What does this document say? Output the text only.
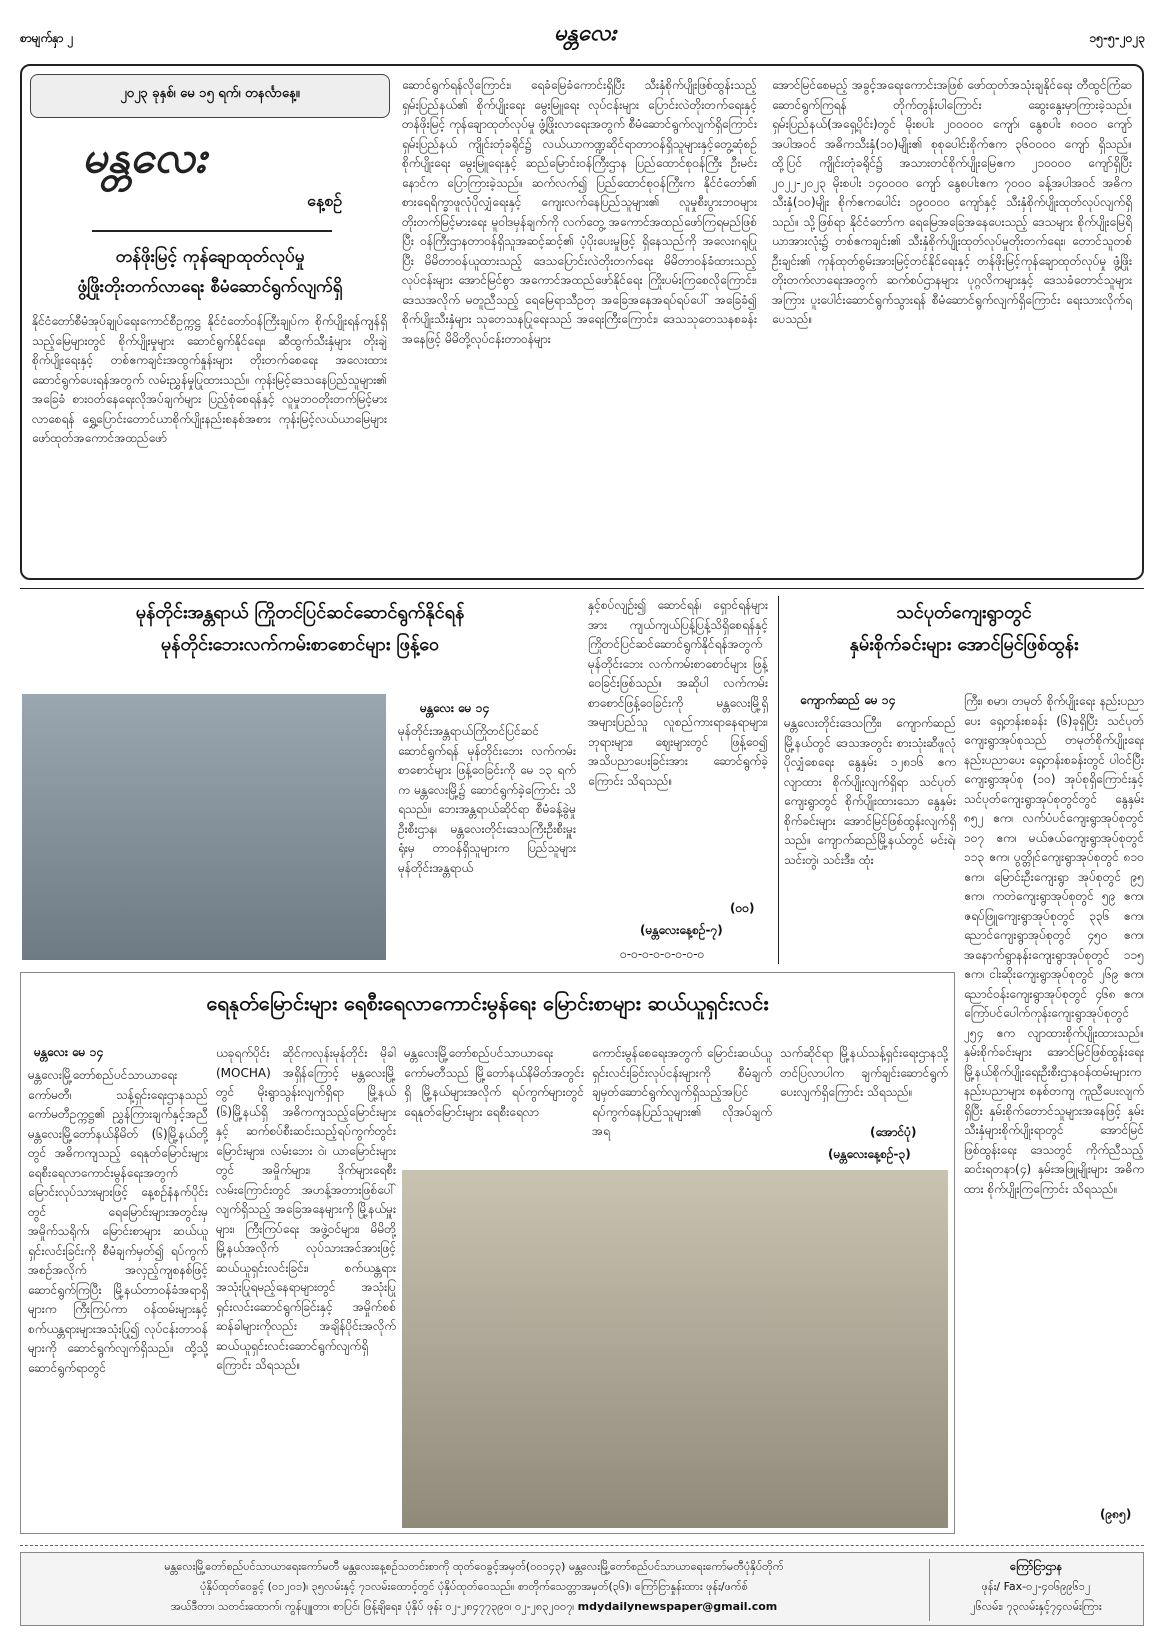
စာမျက်နှာ ၂	မန္တလေး	၁၅-၅-၂၀၂၃
၂၀၂၃ ခုနှစ်၊ မေ ၁၅ ရက်၊ တနင်္လာနေ့။
မန္တလေး
နေ့စဉ်
တန်ဖိုးမြင့် ကုန်ချောထုတ်လုပ်မှု
ဖွံ့ဖြိုးတိုးတက်လာရေး စီမံဆောင်ရွက်လျက်ရှိ
နိုင်ငံတော်စီမံအုပ်ချုပ်ရေးကောင်စီဥက္ကဋ္ဌ နိုင်ငံတော်ဝန်ကြီးချုပ်က စိုက်ပျိုးရန်ကျန်ရှိသည့်မြေများတွင် စိုက်ပျိုးမှုများ ဆောင်ရွက်နိုင်ရေး၊ ဆီထွက်သီးနှံများ တိုးချဲ့စိုက်ပျိုးရေးနှင့် တစ်ဧကချင်းအထွက်နှုန်းများ တိုးတက်စေရေး အလေးထားဆောင်ရွက်ပေးရန်အတွက် လမ်းညွှန်မှုပြုထားသည်။ ကုန်းမြင့်ဒေသနေပြည်သူများ၏ အခြေခံ စားဝတ်နေရေးလိုအပ်ချက်များ ပြည့်စုံစေရန်နှင့် လူမှုဘဝတိုးတက်မြင့်မားလာစေရန် ရွှေ့ပြောင်းတောင်ယာစိုက်ပျိုးနည်းစနစ်အစား ကုန်းမြင့်လယ်ယာမြေများ ဖော်ထုတ်အကောင်အထည်ဖော်
ဆောင်ရွက်ရန်လိုကြောင်း၊ ရေခံမြေခံကောင်းရှိပြီး သီးနှံစိုက်ပျိုးဖြစ်ထွန်းသည့် ရှမ်းပြည်နယ်၏ စိုက်ပျိုးရေး မွေးမြူရေး လုပ်ငန်းများ ပြောင်းလဲတိုးတက်ရေးနှင့် တန်ဖိုးမြင့် ကုန်ချောထုတ်လုပ်မှု ဖွံ့ဖြိုးလာရေးအတွက် စီမံဆောင်ရွက်လျက်ရှိကြောင်း ရှမ်းပြည်နယ် ကျိုင်းတုံခရိုင်၌ လယ်ယာကဏ္ဍဆိုင်ရာတာဝန်ရှိသူများနှင့်တွေ့ဆုံစဉ် စိုက်ပျိုးရေး မွေးမြူရေးနှင့် ဆည်မြောင်းဝန်ကြီးဌာန ပြည်ထောင်စုဝန်ကြီး ဦးမင်းနောင်က ပြောကြားခဲ့သည်။ ဆက်လက်၍ ပြည်ထောင်စုဝန်ကြီးက နိုင်ငံတော်၏ စားရေရိက္ခာဖူလုံပိုလျှံရေးနှင့် ကျေးလက်နေပြည်သူများ၏ လူမှုစီးပွားဘဝများ တိုးတက်မြင့်မားရေး မူဝါဒမှန်ချက်ကို လက်တွေ့ အကောင်အထည်ဖော်ကြရမည်ဖြစ်ပြီး ဝန်ကြီးဌာနတာဝန်ရှိသူအဆင့်ဆင့်၏ ပံ့ပိုးပေးမှုဖြင့် ရှိနေသည်ကို အလေးဂရုပြုပြီး မိမိတာဝန်ယူထားသည့် ဒေသပြောင်းလဲတိုးတက်ရေး မိမိတာဝန်ခံထားသည့်လုပ်ငန်းများ အောင်မြင်စွာ အကောင်အထည်ဖော်နိုင်ရေး ကြိုးပမ်းကြစေလိုကြောင်း၊ ဒေသအလိုက် မတူညီသည့် ရေမြေရာသီဥတု အခြေအနေအရပ်ရပ်ပေါ် အခြေခံ၍ စိုက်ပျိုးသီးနှံများ သုတေသနပြုရေးသည် အရေးကြီးကြောင်း၊ ဒေသသုတေသနစခန်းအနေဖြင့် မိမိတို့လုပ်ငန်းတာဝန်များ
အောင်မြင်စေမည့် အခွင့်အရေးကောင်းအဖြစ် ဖော်ထုတ်အသုံးချနိုင်ရေး တီထွင်ကြံဆဆောင်ရွက်ကြရန် တိုက်တွန်းပါကြောင်း ဆွေးနွေးမှာကြားခဲ့သည်။ ရှမ်းပြည်နယ်(အရှေ့ပိုင်း)တွင် မိုးစပါး ၂၀၀၀၀၀ ကျော်၊ နွေစပါး ၈၀၀၀ ကျော်အပါအဝင် အဓိကသီးနှံ(၁၀)မျိုး၏ စုစုပေါင်းစိုက်ဧက ၃၆၀၀၀၀ ကျော် ရှိသည်။ ထို့ပြင် ကျိုင်းတုံခရိုင်၌ အသားတင်စိုက်ပျိုးမြေဧက ၂၁၀၀၀၀ ကျော်ရှိပြီး ၂၀၂၂-၂၀၂၃ မိုးစပါး ၁၄၀၀၀၀ ကျော် နွေစပါးဧက ၇၀၀၀ ခန့်အပါအဝင် အဓိကသီးနှံ(၁၀)မျိုး စိုက်ဧကပေါင်း ၁၉၀၀၀၀ ကျော်နှင့် သီးနှံစိုက်ပျိုးထုတ်လုပ်လျက်ရှိသည်။ သို့ဖြစ်ရာ နိုင်ငံတော်က ရေမြေအခြေအနေပေးသည့် ဒေသများ စိုက်ပျိုးမြေရိယာအားလုံး၌ တစ်ဧကချင်း၏ သီးနှံစိုက်ပျိုးထုတ်လုပ်မှုတိုးတက်ရေး၊ တောင်သူတစ်ဦးချင်း၏ ကုန်ထုတ်စွမ်းအားမြင့်တင်နိုင်ရေးနှင့် တန်ဖိုးမြင့်ကုန်ချောထုတ်လုပ်မှု ဖွံ့ဖြိုးတိုးတက်လာရေးအတွက် ဆက်စပ်ဌာနများ ပုဂ္ဂလိကများနှင့် ဒေသခံတောင်သူများအကြား ပူးပေါင်းဆောင်ရွက်သွားရန် စီမံဆောင်ရွက်လျက်ရှိကြောင်း ရေးသားလိုက်ရပေသည်။
မုန်တိုင်းအန္တရာယ် ကြိုတင်ပြင်ဆင်ဆောင်ရွက်နိုင်ရန်
မုန်တိုင်းဘေးလက်ကမ်းစာစောင်များ ဖြန့်ဝေ
မန္တလေး မေ ၁၄
မုန်တိုင်းအန္တရာယ်ကြိုတင်ပြင်ဆင်ဆောင်ရွက်ရန် မုန်တိုင်းဘေး လက်ကမ်းစာစောင်များ ဖြန့်ဝေခြင်းကို မေ ၁၃ ရက်က မန္တလေးမြို့၌ ဆောင်ရွက်ခဲ့ကြောင်း သိရသည်။ ဘေးအန္တရာယ်ဆိုင်ရာ စီမံခန့်ခွဲမှုဦးစီးဌာန၊ မန္တလေးတိုင်းဒေသကြီးဦးစီးမှူးရုံးမှ တာဝန်ရှိသူများက ပြည်သူများ မုန်တိုင်းအန္တရာယ်
နှင့်စပ်လျဉ်း၍ ဆောင်ရန်၊ ရှောင်ရန်များအား ကျယ်ကျယ်ပြန့်ပြန့်သိရှိစေရန်နှင့် ကြိုတင်ပြင်ဆင်ဆောင်ရွက်နိုင်ရန်အတွက် မုန်တိုင်းဘေး လက်ကမ်းစာစောင်များ ဖြန့်ဝေခြင်းဖြစ်သည်။ အဆိုပါ လက်ကမ်းစာစောင်ဖြန့်ဝေခြင်းကို မန္တလေးမြို့ရှိ အများပြည်သူ လူစည်ကားရာနေရာများ၊ ဘုရားများ၊ ဈေးများတွင် ဖြန့်ဝေ၍ အသိပညာပေးခြင်းအား ဆောင်ရွက်ခဲ့ကြောင်း သိရသည်။
(ဝဝ)
(မန္တလေးနေ့စဉ်-၇)
၀-၀-၀-၀-၀-၀-၀-၀
သင်ပုတ်ကျေးရွာတွင်
နှမ်းစိုက်ခင်းများ အောင်မြင်ဖြစ်ထွန်း
ကျောက်ဆည် မေ ၁၄
မန္တလေးတိုင်းဒေသကြီး၊ ကျောက်ဆည်မြို့နယ်တွင် ဒေသအတွင်း စားသုံးဆီဖူလုံပိုလျှံစေရေး နွေနှမ်း ၁၂၈၁၆ ဧက လျာထား စိုက်ပျိုးလျက်ရှိရာ သင်ပုတ်ကျေးရွာတွင် စိုက်ပျိုးထားသော နွေနှမ်းစိုက်ခင်းများ အောင်မြင်ဖြစ်ထွန်းလျက်ရှိသည်။ ကျောက်ဆည်မြို့နယ်တွင် မင်းရဲ၊ သင်းတွဲ၊ သင်းဒီး၊ ထုံး
ကြီး၊ စမာ၊ တမုတ် စိုက်ပျိုးရေး နည်းပညာပေး ရှေ့တန်းစခန်း (၆)ခုရှိပြီး သင်ပုတ်ကျေးရွာအုပ်စုသည် တမုတ်စိုက်ပျိုးရေး နည်းပညာပေး ရှေ့တန်းစခန်းတွင် ပါဝင်ပြီး ကျေးရွာအုပ်စု (၁၀) အုပ်စုရှိကြောင်းနှင့် သင်ပုတ်ကျေးရွာအုပ်စုတွင်တွင် နွေနှမ်း ၈၅၂ ဧက၊ လက်ပံပင်ကျေးရွာအုပ်စုတွင် ၁၀၇ ဧက၊ မယ်ဇယ်ကျေးရွာအုပ်စုတွင် ၁၁၃ ဧက၊ ပွတ္တိုင်ကျေးရွာအုပ်စုတွင် ၈၁၀ ဧက၊ မြောင်းဦးကျေးရွာ အုပ်စုတွင် ၉၅ ဧက၊ ကတဲကျေးရွာအုပ်စုတွင် ၅၉ ဧက၊ ဇရပ်ဖြူကျေးရွာအုပ်စုတွင် ၃၃၆ ဧက၊ ညောင်ကျေးရွာအုပ်စုတွင် ၄၅၀ ဧက၊ အနောက်ရွာနန်းကျေးရွာအုပ်စုတွင် ၁၁၅ ဧက၊ ငါးဆိုးကျေးရွာအုပ်စုတွင် ၂၆၉ ဧက၊ ညောင်ဝန်းကျေးရွာအုပ်စုတွင် ၄၆၈ ဧက၊ ကြော်ပင်ပေါက်ကုန်းကျေးရွာအုပ်စုတွင် ၂၅၄ ဧက လျာထားစိုက်ပျိုးထားသည်။ နှမ်းစိုက်ခင်းများ အောင်မြင်ဖြစ်ထွန်းရေး မြို့နယ်စိုက်ပျိုးရေးဦးစီးဌာနဝန်ထမ်းများက နည်းပညာများ စနစ်တကျ ကူညီပေးလျက်ရှိပြီး နှမ်းစိုက်တောင်သူများအနေဖြင့် နှမ်းသီးနှံများစိုက်ပျိုးရာတွင် အောင်မြင်ဖြစ်ထွန်းရေး ဒေသတွင် ကိုက်ညီသည့် ဆင်းရတနာ(၄) နှမ်းအဖြူမျိုးများ အဓိကထား စိုက်ပျိုးကြကြောင်း သိရသည်။
(၉၈၅)
ရေနုတ်မြောင်းများ ရေစီးရေလာကောင်းမွန်ရေး မြောင်းစာများ ဆယ်ယူရှင်းလင်း
မန္တလေး မေ ၁၄
မန္တလေးမြို့တော်စည်ပင်သာယာရေးကော်မတီ၊ သန့်ရှင်းရေးဌာနသည် ကော်မတီဥက္ကဋ္ဌ၏ ညွှန်ကြားချက်နှင့်အညီ မန္တလေးမြို့တော်နယ်နိမိတ် (၆)မြို့နယ်တို့တွင် အဓိကကျသည့် ရေနုတ်မြောင်းများ ရေစီးရေလာကောင်းမွန်ရေးအတွက် မြောင်းလုပ်သားများဖြင့် နေ့စဉ်နံနက်ပိုင်းတွင် ရေမြောင်းများအတွင်းမှ အမှိုက်သရိုက်၊ မြောင်းစာများ ဆယ်ယူရှင်းလင်းခြင်းကို စီမံချက်မှတ်၍ ရပ်ကွက်အစဉ်အလိုက် အလှည့်ကျစနစ်ဖြင့် ဆောင်ရွက်ကြပြီး မြို့နယ်တာဝန်ခံအရာရှိများက ကြီးကြပ်ကာ ဝန်ထမ်းများနှင့် စက်ယန္တရားများအသုံးပြု၍ လုပ်ငန်းတာဝန်များကို ဆောင်ရွက်လျက်ရှိသည်။ ထို့သို့ ဆောင်ရွက်ရာတွင်
ယခုရက်ပိုင်း ဆိုင်ကလုန်းမုန်တိုင်း မိုခါ (MOCHA) အရှိန်ကြောင့် မန္တလေးမြို့တွင် မိုးရွာသွန်းလျက်ရှိရာ မြို့နယ် (၆)မြို့နယ်ရှိ အဓိကကျသည့်မြောင်းများနှင့် ဆက်စပ်စီးဆင်းသည့်ရပ်ကွက်တွင်းမြောင်းများ၊ လမ်းဘေး ဝဲ၊ ယာမြောင်းများတွင် အမှိုက်များ၊ ဒိုက်များရေစီးလမ်းကြောင်းတွင် အဟန့်အတားဖြစ်ပေါ်လျက်ရှိသည့် အခြေအနေများကို မြို့နယ်မှူးများ၊ ကြီးကြပ်ရေး အဖွဲ့ဝင်များ၊ မိမိတို့မြို့နယ်အလိုက် လုပ်သားအင်အားဖြင့် ဆယ်ယူရှင်းလင်းခြင်း၊ စက်ယန္တရားအသုံးပြုရမည့်နေရာများတွင် အသုံးပြုရှင်းလင်းဆောင်ရွက်ခြင်းနှင့် အမှိုက်စစ်ဆန်ခါများကိုလည်း အချိန်ပိုင်းအလိုက် ဆယ်ယူရှင်းလင်းဆောင်ရွက်လျက်ရှိကြောင်း သိရသည်။
မန္တလေးမြို့တော်စည်ပင်သာယာရေးကော်မတီသည် မြို့တော်နယ်နိမိတ်အတွင်းရှိ မြို့နယ်များအလိုက် ရပ်ကွက်များတွင် ရေနုတ်မြောင်းများ ရေစီးရေလာ
ကောင်းမွန်စေရေးအတွက် မြောင်းဆယ်ယူရှင်းလင်းခြင်းလုပ်ငန်းများကို စီမံချက်ချမှတ်ဆောင်ရွက်လျက်ရှိသည့်အပြင် ရပ်ကွက်နေပြည်သူများ၏ လိုအပ်ချက်အရ
သက်ဆိုင်ရာ မြို့နယ်သန့်ရှင်းရေးဌာနသို့တင်ပြလာပါက ချက်ချင်းဆောင်ရွက်ပေးလျက်ရှိကြောင်း သိရသည်။
(အောင်ပုံ)
(မန္တလေးနေ့စဉ်-၃)
မန္တလေးမြို့တော်စည်ပင်သာယာရေးကော်မတီ မန္တလေးနေ့စဉ်သတင်းစာကို ထုတ်ဝေခွင့်အမှတ်(၀၀၁၄၃) မန္တလေးမြို့တော်စည်ပင်သာယာရေးကော်မတီပုံနှိပ်တိုက်
ပုံနှိပ်ထုတ်ဝေခွင့် (၀၁၂၀၁)၊ ၃၅လမ်းနှင့် ၇၁လမ်းထောင့်တွင် ပုံနှိပ်ထုတ်ဝေသည်။ စာတိုက်သေတ္တာအမှတ်(၃၆)၊ ကြော်ငြာနှုန်းထား ဖုန်း/ဖက်စ်
အယ်ဒီတာ၊ သတင်းထောက်၊ ကွန်ပျူတာ၊ စာပြင်၊ ဖြန့်ချိရေး၊ ပုံနှိပ် ဖုန်း ၀၂-၂၈၄၇၇၃၉၀၊ ၀၂-၂၈၃၂၀၀၇၊ mdydailynewspaper@gmail.com
ကြော်ငြာဌာန
ဖုန်း/ Fax-၀၂-၄၀၆၉၉၆၁၂
၂၆လမ်း၊ ၇၃လမ်းနှင့်၇၄လမ်းကြား
